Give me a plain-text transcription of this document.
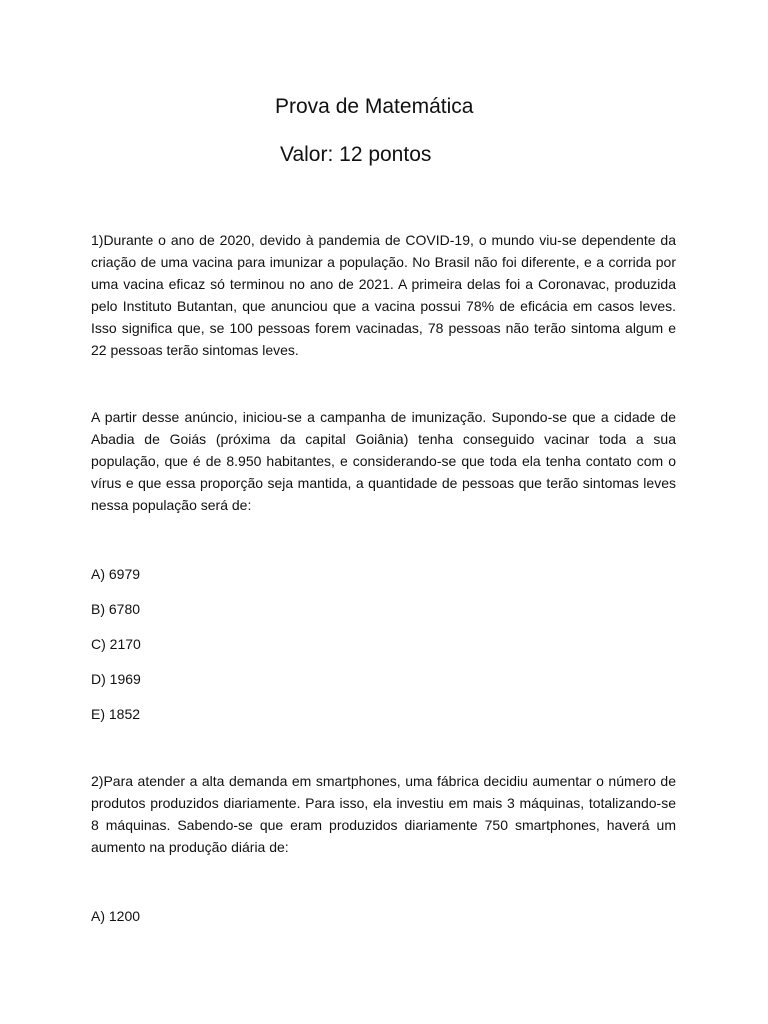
Prova de Matemática
Valor: 12 pontos

1)Durante o ano de 2020, devido à pandemia de COVID-19, o mundo viu-se dependente da criação de uma vacina para imunizar a população. No Brasil não foi diferente, e a corrida por uma vacina eficaz só terminou no ano de 2021. A primeira delas foi a Coronavac, produzida pelo Instituto Butantan, que anunciou que a vacina possui 78% de eficácia em casos leves. Isso significa que, se 100 pessoas forem vacinadas, 78 pessoas não terão sintoma algum e 22 pessoas terão sintomas leves.

A partir desse anúncio, iniciou-se a campanha de imunização. Supondo-se que a cidade de Abadia de Goiás (próxima da capital Goiânia) tenha conseguido vacinar toda a sua população, que é de 8.950 habitantes, e considerando-se que toda ela tenha contato com o vírus e que essa proporção seja mantida, a quantidade de pessoas que terão sintomas leves nessa população será de:

A) 6979
B) 6780
C) 2170
D) 1969
E) 1852

2)Para atender a alta demanda em smartphones, uma fábrica decidiu aumentar o número de produtos produzidos diariamente. Para isso, ela investiu em mais 3 máquinas, totalizando-se 8 máquinas. Sabendo-se que eram produzidos diariamente 750 smartphones, haverá um aumento na produção diária de:

A) 1200
